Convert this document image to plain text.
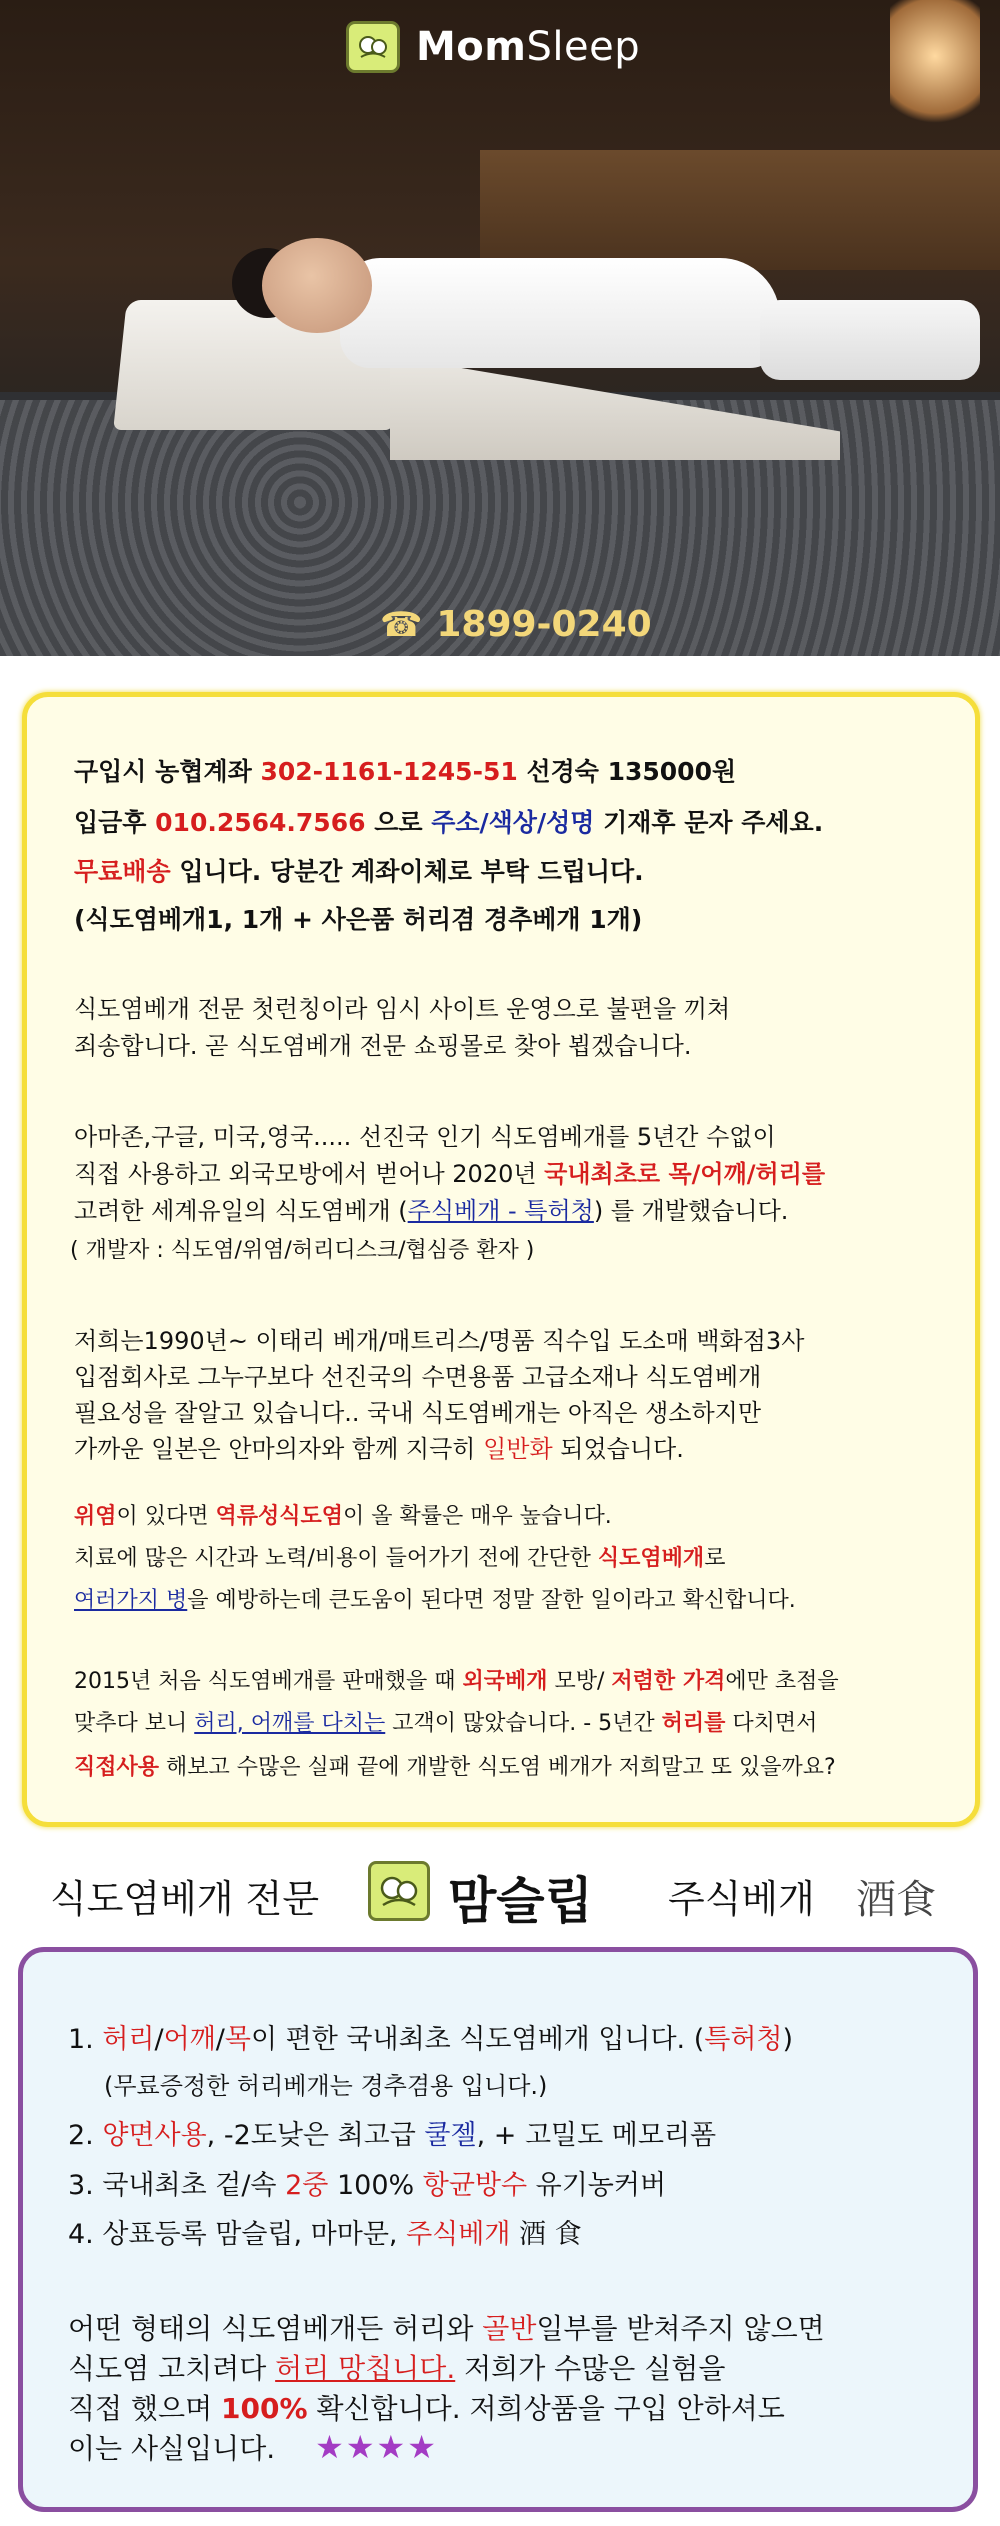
MomSleep
☎ 1899-0240
구입시 농협계좌 302-1161-1245-51 선경숙 135000원
입금후 010.2564.7566 으로 주소/색상/성명 기재후 문자 주세요.
무료배송 입니다. 당분간 계좌이체로 부탁 드립니다.
(식도염베개1, 1개 + 사은품 허리겸 경추베개 1개)
식도염베개 전문 첫런칭이라 임시 사이트 운영으로 불편을 끼쳐
죄송합니다. 곧 식도염베개 전문 쇼핑몰로 찾아 뵙겠습니다.
아마존,구글, 미국,영국..... 선진국 인기 식도염베개를 5년간 수없이
직접 사용하고 외국모방에서 벋어나 2020년 국내최초로 목/어깨/허리를
고려한 세계유일의 식도염베개 (주식베개 - 특허청) 를 개발했습니다.
( 개발자 : 식도염/위염/허리디스크/협심증 환자 )
저희는1990년~ 이태리 베개/매트리스/명품 직수입 도소매 백화점3사
입점회사로 그누구보다 선진국의 수면용품 고급소재나 식도염베개
필요성을 잘알고 있습니다.. 국내 식도염베개는 아직은 생소하지만
가까운 일본은 안마의자와 함께 지극히 일반화 되었습니다.
위염이 있다면 역류성식도염이 올 확률은 매우 높습니다.
치료에 많은 시간과 노력/비용이 들어가기 전에 간단한 식도염베개로
여러가지 병을 예방하는데 큰도움이 된다면 정말 잘한 일이라고 확신합니다.
2015년 처음 식도염베개를 판매했을 때 외국베개 모방/ 저렴한 가격에만 초점을
맞추다 보니 허리, 어깨를 다치는 고객이 많았습니다. - 5년간 허리를 다치면서
직접사용 해보고 수많은 실패 끝에 개발한 식도염 베개가 저희말고 또 있을까요?
식도염베개 전문	맘슬립 주식베개 酒食
1. 허리/어깨/목이 편한 국내최초 식도염베개 입니다. (특허청)
(무료증정한 허리베개는 경추겸용 입니다.)
2. 양면사용, -2도낮은 최고급 쿨젤, + 고밀도 메모리폼
3. 국내최초 겉/속 2중 100% 항균방수 유기농커버
4. 상표등록 맘슬립, 마마문, 주식베개 酒 食
어떤 형태의 식도염베개든 허리와 골반일부를 받쳐주지 않으면
식도염 고치려다 허리 망칩니다. 저희가 수많은 실험을
직접 했으며 100% 확신합니다. 저희상품을 구입 안하셔도
이는 사실입니다. ★★★★
